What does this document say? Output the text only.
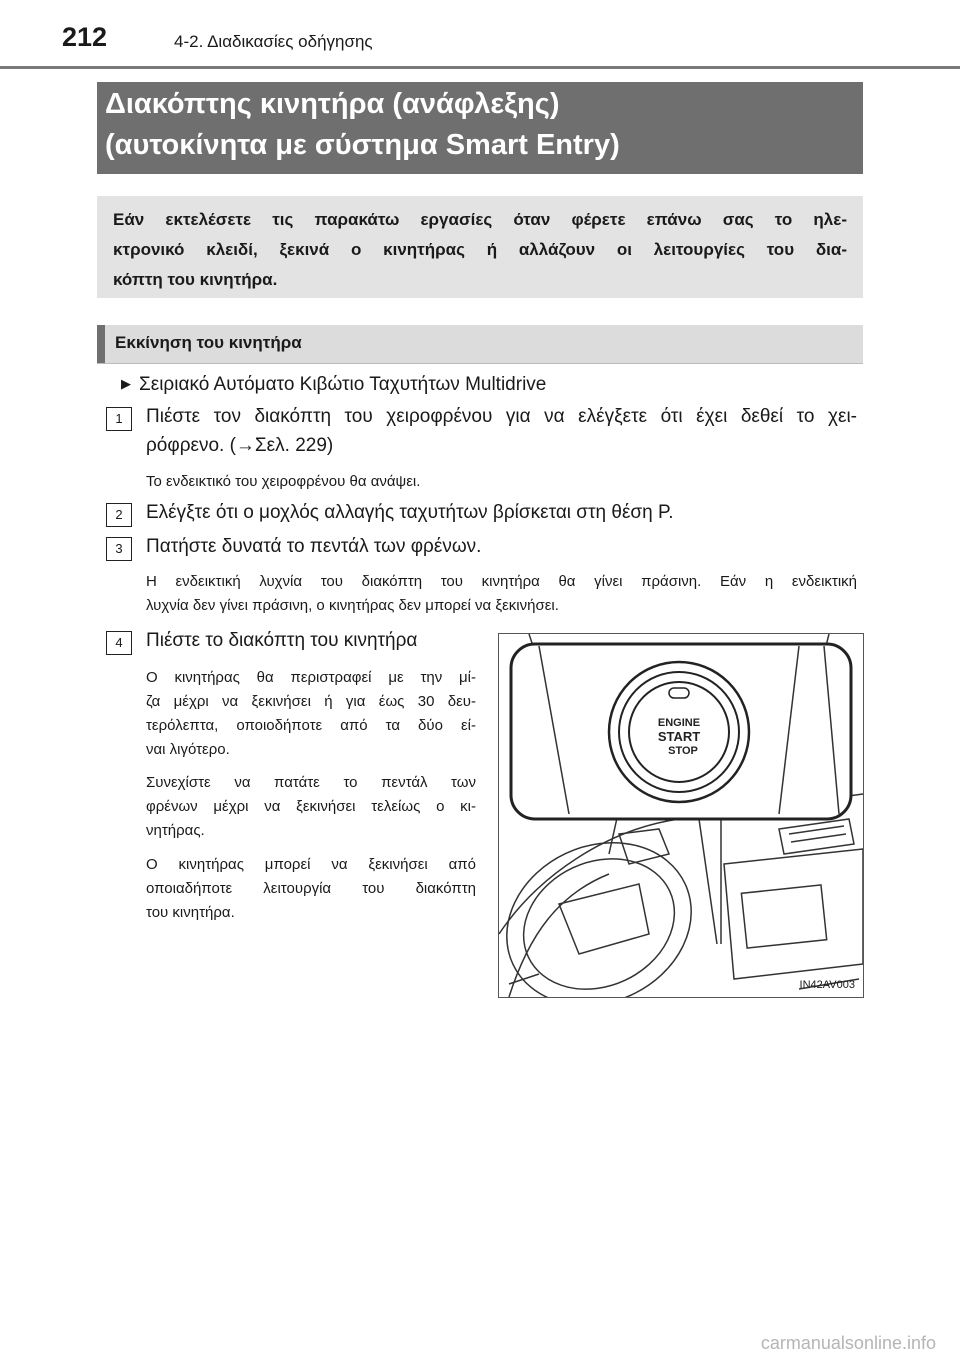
212	4-2. Διαδικασίες οδήγησης
Διακόπτης κινητήρα (ανάφλεξης)
(αυτοκίνητα με σύστημα Smart Entry)
Εάν εκτελέσετε τις παρακάτω εργασίες όταν φέρετε επάνω σας το ηλε-
κτρονικό κλειδί, ξεκινά ο κινητήρας ή αλλάζουν οι λειτουργίες του δια-
κόπτη του κινητήρα.
Εκκίνηση του κινητήρα
▶ Σειριακό Αυτόματο Κιβώτιο Ταχυτήτων Multidrive
1	Πιέστε τον διακόπτη του χειροφρένου για να ελέγξετε ότι έχει δεθεί το χει-
ρόφρενο. (→Σελ. 229)
Το ενδεικτικό του χειροφρένου θα ανάψει.
2	Ελέγξτε ότι ο μοχλός αλλαγής ταχυτήτων βρίσκεται στη θέση P.
3	Πατήστε δυνατά το πεντάλ των φρένων.
Η ενδεικτική λυχνία του διακόπτη του κινητήρα θα γίνει πράσινη. Εάν η ενδεικτική
λυχνία δεν γίνει πράσινη, ο κινητήρας δεν μπορεί να ξεκινήσει.
4	Πιέστε το διακόπτη του κινητήρα
Ο κινητήρας θα περιστραφεί με την μί-
ζα μέχρι να ξεκινήσει ή για έως 30 δευ-
τερόλεπτα, οποιοδήποτε από τα δύο εί-
ναι λιγότερο.
Συνεχίστε να πατάτε το πεντάλ των
φρένων μέχρι να ξεκινήσει τελείως ο κι-
νητήρας.
Ο κινητήρας μπορεί να ξεκινήσει από
οποιαδήποτε λειτουργία του διακόπτη
του κινητήρα.
ENGINE
START
STOP
IN42AV003
carmanualsonline.info
